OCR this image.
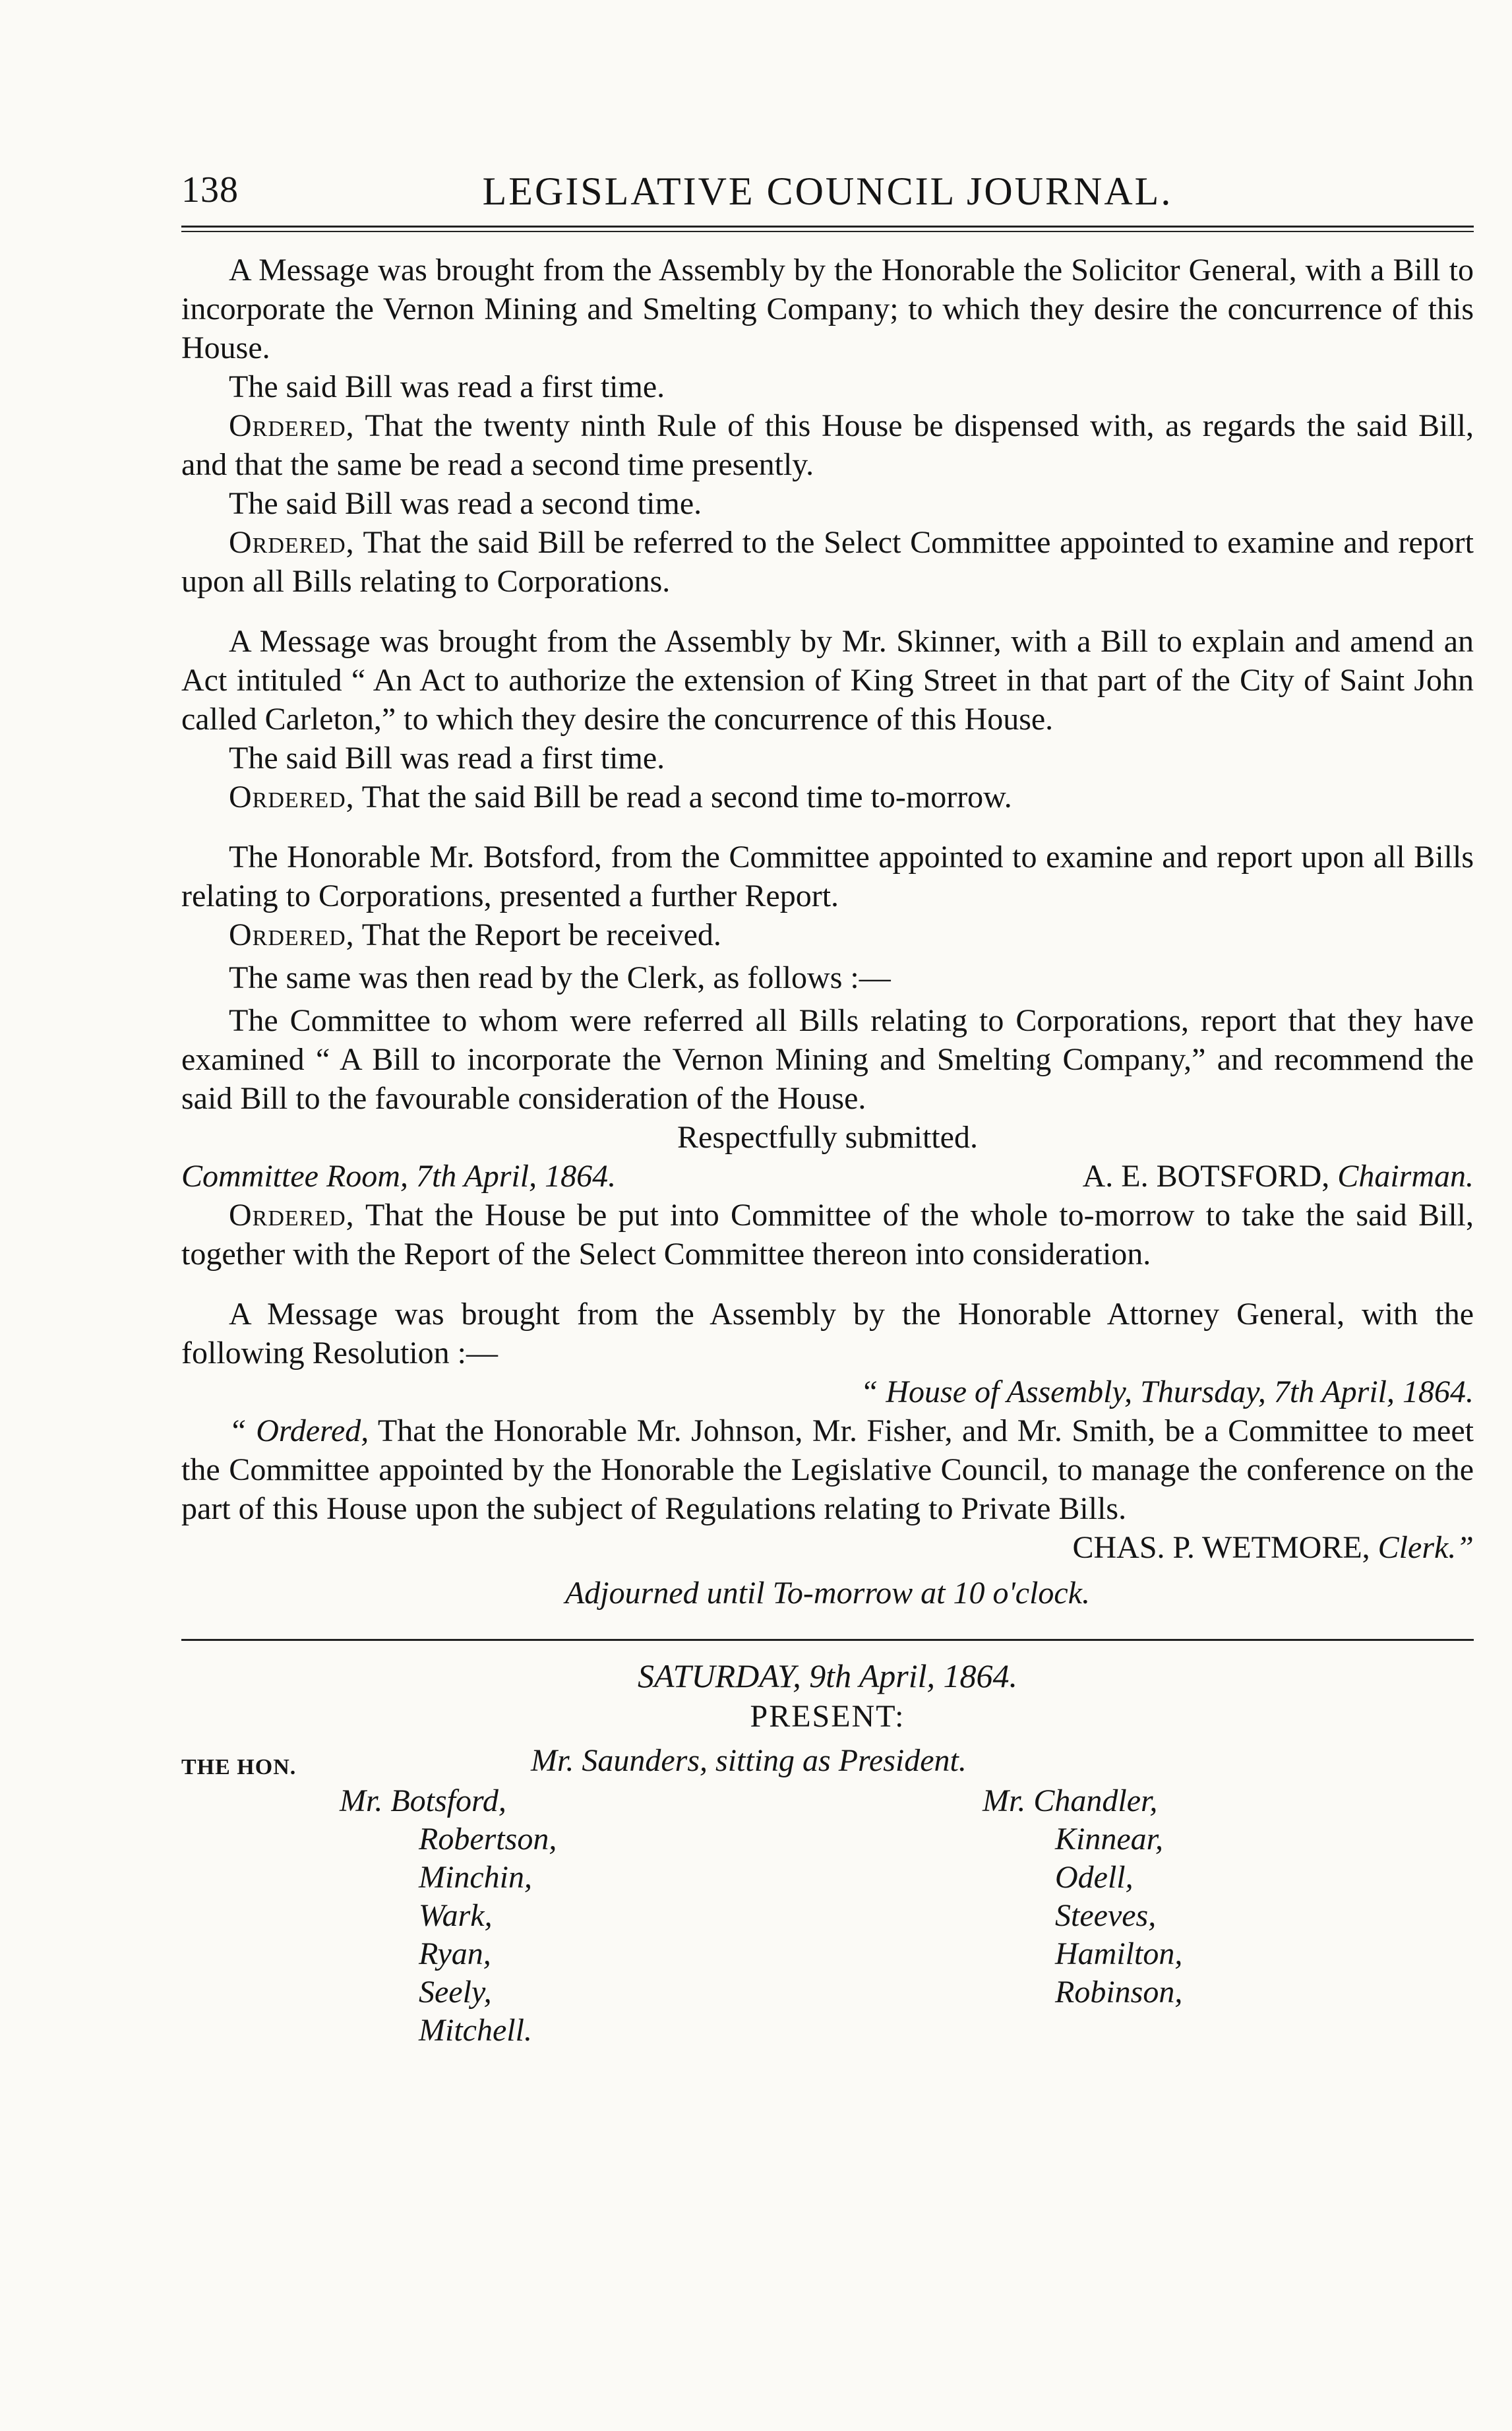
138	LEGISLATIVE COUNCIL JOURNAL.

A Message was brought from the Assembly by the Honorable the Solicitor General, with a Bill to incorporate the Vernon Mining and Smelting Company; to which they desire the concurrence of this House.

The said Bill was read a first time.

Ordered, That the twenty ninth Rule of this House be dispensed with, as regards the said Bill, and that the same be read a second time presently.

The said Bill was read a second time.

Ordered, That the said Bill be referred to the Select Committee appointed to examine and report upon all Bills relating to Corporations.

A Message was brought from the Assembly by Mr. Skinner, with a Bill to explain and amend an Act intituled “ An Act to authorize the extension of King Street in that part of the City of Saint John called Carleton,” to which they desire the concurrence of this House.

The said Bill was read a first time.

Ordered, That the said Bill be read a second time to-morrow.

The Honorable Mr. Botsford, from the Committee appointed to examine and report upon all Bills relating to Corporations, presented a further Report.

Ordered, That the Report be received.

The same was then read by the Clerk, as follows :—

The Committee to whom were referred all Bills relating to Corporations, report that they have examined “ A Bill to incorporate the Vernon Mining and Smelting Company,” and recommend the said Bill to the favourable consideration of the House.

Respectfully submitted.

Committee Room, 7th April, 1864.	A. E. BOTSFORD, Chairman.

Ordered, That the House be put into Committee of the whole to-morrow to take the said Bill, together with the Report of the Select Committee thereon into consideration.

A Message was brought from the Assembly by the Honorable Attorney General, with the following Resolution :—

“ House of Assembly, Thursday, 7th April, 1864.

“ Ordered, That the Honorable Mr. Johnson, Mr. Fisher, and Mr. Smith, be a Committee to meet the Committee appointed by the Honorable the Legislative Council, to manage the conference on the part of this House upon the subject of Regulations relating to Private Bills.

CHAS. P. WETMORE, Clerk.”

Adjourned until To-morrow at 10 o'clock.

SATURDAY, 9th April, 1864.
PRESENT:
THE HON.	Mr. Saunders, sitting as President.
Mr. Botsford,
Robertson,
Minchin,
Wark,
Ryan,
Seely,
Mitchell.
Mr. Chandler,
Kinnear,
Odell,
Steeves,
Hamilton,
Robinson,
